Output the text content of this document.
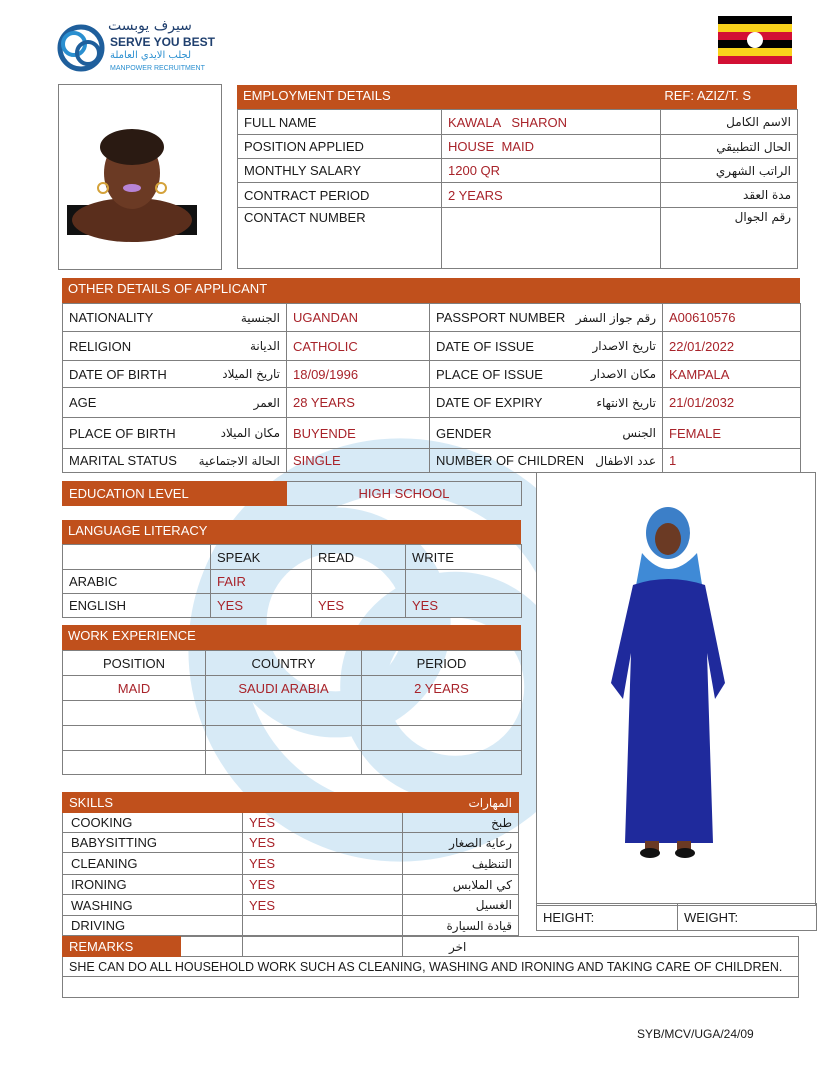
سيرف يوبست
SERVE YOU BEST
لجلب الايدي العاملة
MANPOWER RECRUITMENT
EMPLOYMENT DETAILS	REF: AZIZ/T. S
FULL NAME	KAWALA   SHARON	الاسم الكامل
POSITION APPLIED	HOUSE  MAID	الحال التطبيقي
MONTHLY SALARY	1200 QR	الراتب الشهري
CONTRACT PERIOD	2 YEARS	مدة العقد
CONTACT NUMBER		رقم الجوال
OTHER DETAILS OF APPLICANT
NATIONALITY الجنسية	UGANDAN	PASSPORT NUMBER رقم جواز السفر	A00610576

RELIGION الديانة	CATHOLIC	DATE OF ISSUE تاريخ الاصدار	22/01/2022

DATE OF BIRTH تاريخ الميلاد	18/09/1996	PLACE OF ISSUE مكان الاصدار	KAMPALA

AGE العمر	28 YEARS	DATE OF EXPIRY تاريخ الانتهاء	21/01/2032

PLACE OF BIRTH مكان الميلاد	BUYENDE	GENDER الجنس	FEMALE

MARITAL STATUS الحالة الاجتماعية	SINGLE	NUMBER OF CHILDREN عدد الاطفال	1
EDUCATION LEVEL	HIGH SCHOOL
LANGUAGE LITERACY
	SPEAK	READ	WRITE
ARABIC	FAIR		
ENGLISH	YES	YES	YES
WORK EXPERIENCE
POSITION	COUNTRY	PERIOD
MAID	SAUDI ARABIA	2 YEARS

HEIGHT:	WEIGHT:
SKILLS		المهارات
COOKING	YES	طبخ
BABYSITTING	YES	رعاية الصغار
CLEANING	YES	التنظيف
IRONING	YES	كي الملابس
WASHING	YES	الغسيل
DRIVING		قيادة السيارة
REMARKS			اخر
SHE CAN DO ALL HOUSEHOLD WORK SUCH AS CLEANING, WASHING AND IRONING AND TAKING CARE OF CHILDREN.

SYB/MCV/UGA/24/09
